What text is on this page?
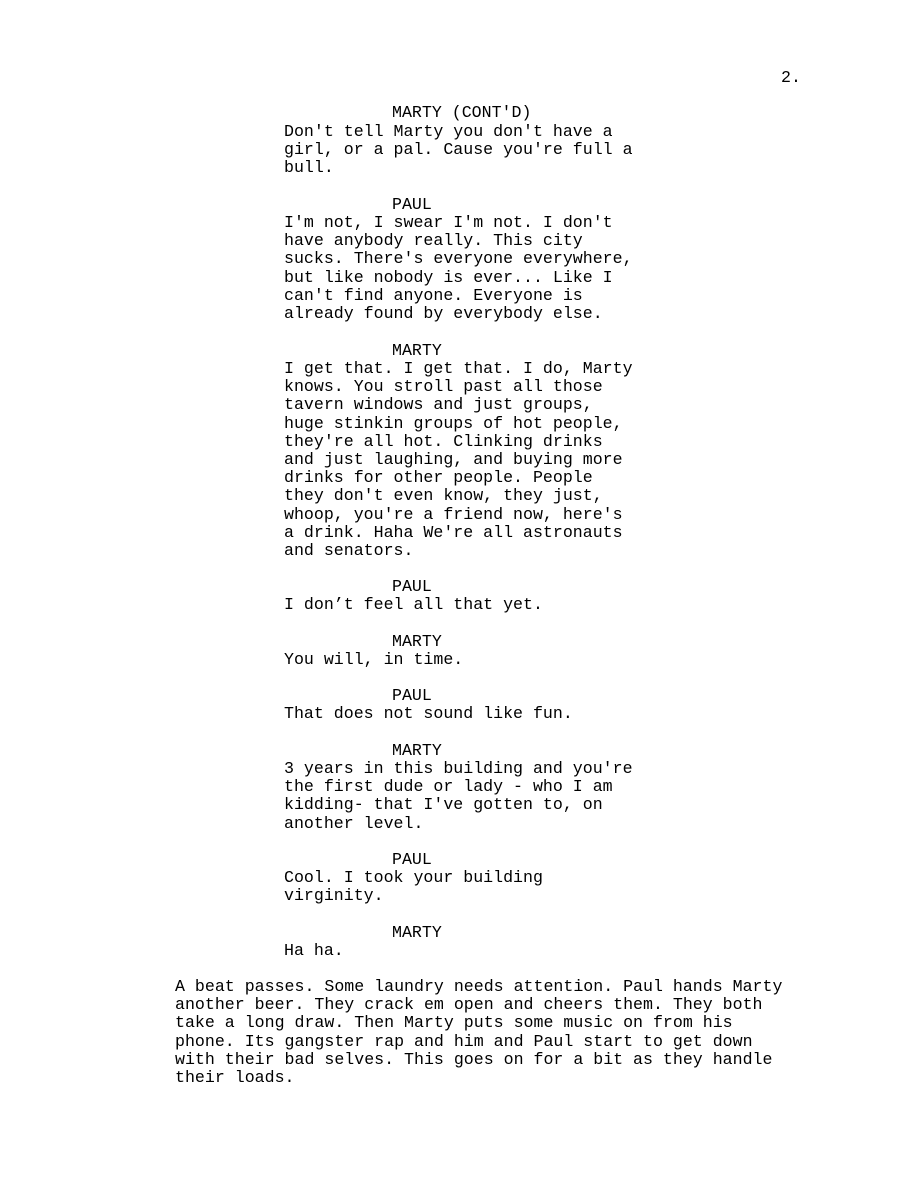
2.
MARTY (CONT'D)
Don't tell Marty you don't have a
girl, or a pal. Cause you're full a
bull.
PAUL
I'm not, I swear I'm not. I don't
have anybody really. This city
sucks. There's everyone everywhere,
but like nobody is ever... Like I
can't find anyone. Everyone is
already found by everybody else.
MARTY
I get that. I get that. I do, Marty
knows. You stroll past all those
tavern windows and just groups,
huge stinkin groups of hot people,
they're all hot. Clinking drinks
and just laughing, and buying more
drinks for other people. People
they don't even know, they just,
whoop, you're a friend now, here's
a drink. Haha We're all astronauts
and senators.
PAUL
I don’t feel all that yet.
MARTY
You will, in time.
PAUL
That does not sound like fun.
MARTY
3 years in this building and you're
the first dude or lady - who I am
kidding- that I've gotten to, on
another level.
PAUL
Cool. I took your building
virginity.
MARTY
Ha ha.
A beat passes. Some laundry needs attention. Paul hands Marty
another beer. They crack em open and cheers them. They both
take a long draw. Then Marty puts some music on from his
phone. Its gangster rap and him and Paul start to get down
with their bad selves. This goes on for a bit as they handle
their loads.
